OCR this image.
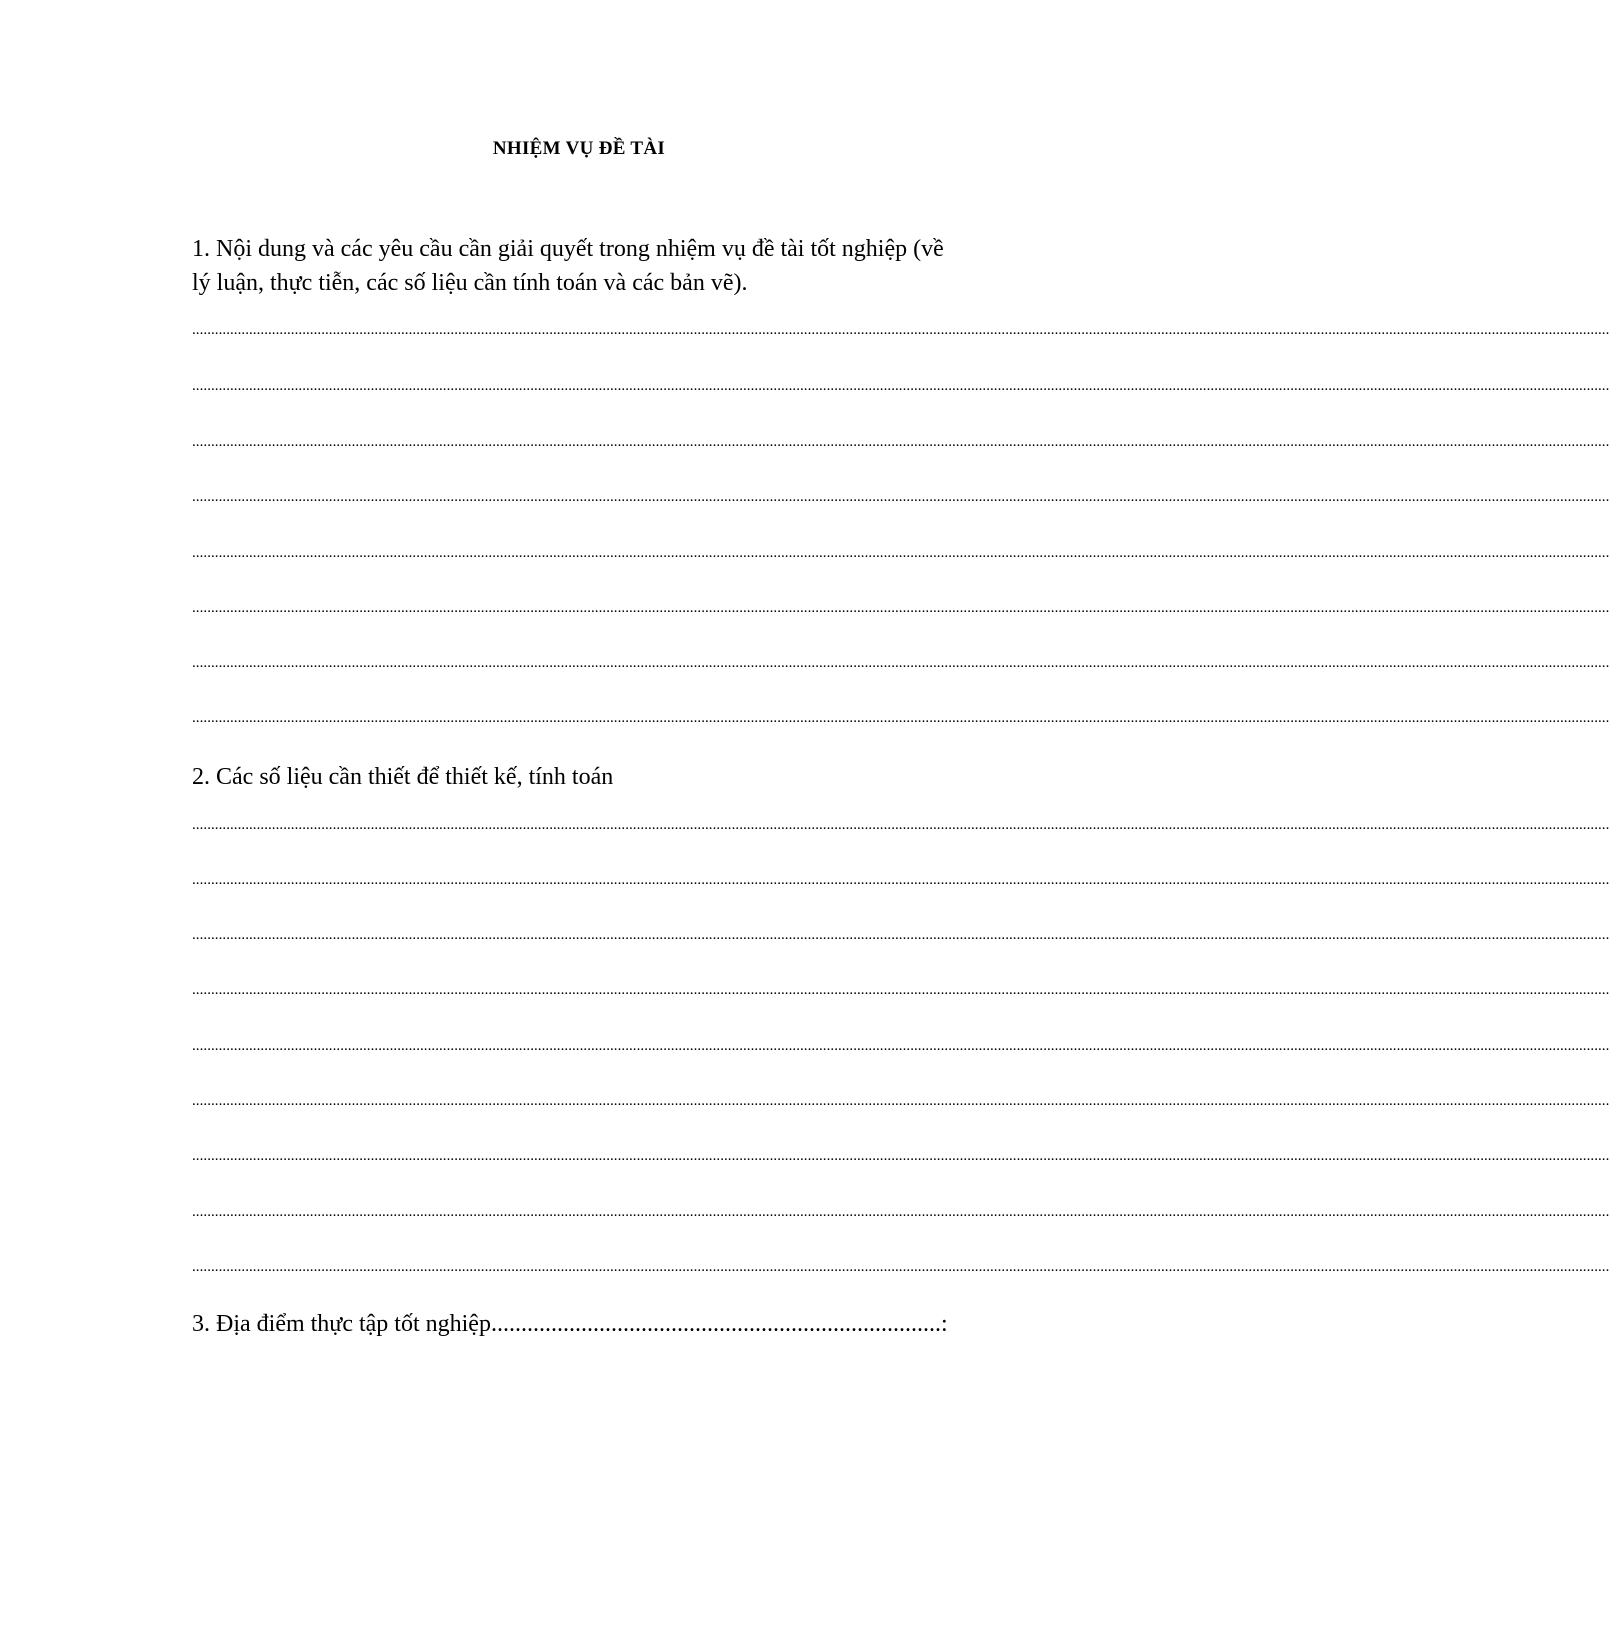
NHIỆM VỤ ĐỀ TÀI
1. Nội dung và các yêu cầu cần giải quyết trong nhiệm vụ đề tài tốt nghiệp (về
lý luận, thực tiễn, các số liệu cần tính toán và các bản vẽ).
.....................................................................................................................................................................................................................................................................................................................................................................................
.....................................................................................................................................................................................................................................................................................................................................................................................
.....................................................................................................................................................................................................................................................................................................................................................................................
.....................................................................................................................................................................................................................................................................................................................................................................................
.....................................................................................................................................................................................................................................................................................................................................................................................
.....................................................................................................................................................................................................................................................................................................................................................................................
.....................................................................................................................................................................................................................................................................................................................................................................................
.....................................................................................................................................................................................................................................................................................................................................................................................
2. Các số liệu cần thiết để thiết kế, tính toán
.....................................................................................................................................................................................................................................................................................................................................................................................
.....................................................................................................................................................................................................................................................................................................................................................................................
.....................................................................................................................................................................................................................................................................................................................................................................................
.....................................................................................................................................................................................................................................................................................................................................................................................
.....................................................................................................................................................................................................................................................................................................................................................................................
.....................................................................................................................................................................................................................................................................................................................................................................................
.....................................................................................................................................................................................................................................................................................................................................................................................
.....................................................................................................................................................................................................................................................................................................................................................................................
.....................................................................................................................................................................................................................................................................................................................................................................................
3. Địa điểm thực tập tốt nghiệp...........................................................................:
